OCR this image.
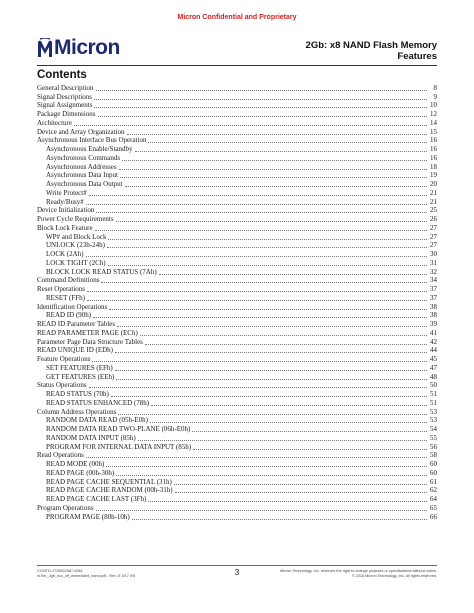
Micron Confidential and Proprietary
Micron	2Gb: x8 NAND Flash Memory
Features
Contents
General Description	8
Signal Descriptions	9
Signal Assignments	10
Package Dimensions	12
Architecture	14
Device and Array Organization	15
Asynchronous Interface Bus Operation	16
Asynchronous Enable/Standby	16
Asynchronous Commands	16
Asynchronous Addresses	18
Asynchronous Data Input	19
Asynchronous Data Output	20
Write Protect#	21
Ready/Busy#	21
Device Initialization	25
Power Cycle Requirements	26
Block Lock Feature	27
WP# and Block Lock	27
UNLOCK (23h-24h)	27
LOCK (2Ah)	30
LOCK TIGHT (2Ch)	31
BLOCK LOCK READ STATUS (7Ah)	32
Command Definitions	34
Reset Operations	37
RESET (FFh)	37
Identification Operations	38
READ ID (90h)	38
READ ID Parameter Tables	39
READ PARAMETER PAGE (ECh)	41
Parameter Page Data Structure Tables	42
READ UNIQUE ID (EDh)	44
Feature Operations	45
SET FEATURES (EFh)	47
GET FEATURES (EEh)	48
Status Operations	50
READ STATUS (70h)	51
READ STATUS ENHANCED (78h)	51
Column Address Operations	53
RANDOM DATA READ (05h-E0h)	53
RANDOM DATA READ TWO-PLANE (06h-E0h)	54
RANDOM DATA INPUT (85h)	55
PROGRAM FOR INTERNAL DATA INPUT (85h)	56
Read Operations	58
READ MODE (00h)	60
READ PAGE (00h-30h)	60
READ PAGE CACHE SEQUENTIAL (31h)	61
READ PAGE CACHE RANDOM (00h-31h)	62
READ PAGE CACHE LAST (3Fh)	64
Program Operations	65
PROGRAM PAGE (80h-10h)	66
CCMTD-1725822587-8361
m7bb_2gb_ecc_cff_embedded_nand.pdf - Rev. E 5/17 EN	3	Micron Technology, Inc. reserves the right to change products or specifications without notice.
© 2016 Micron Technology, Inc. All rights reserved.
